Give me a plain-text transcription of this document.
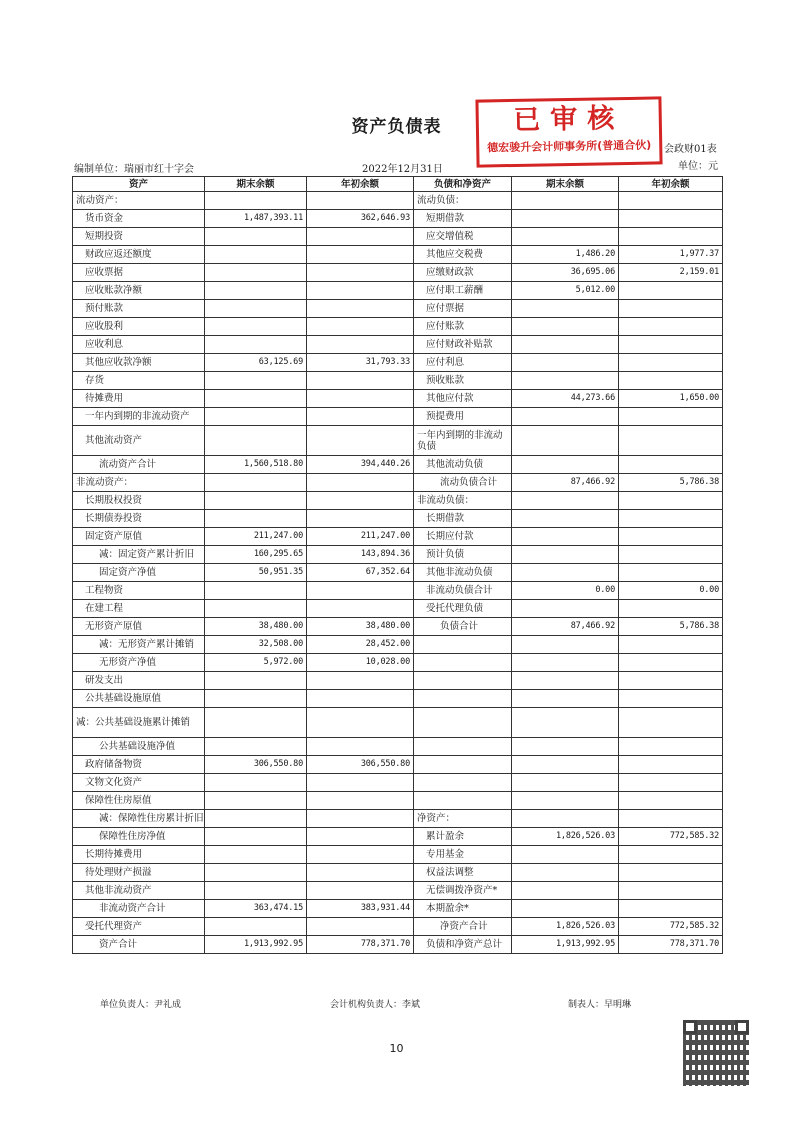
资产负债表	已审核
德宏骏升会计师事务所(普通合伙)	会政财01表
单位：元
编制单位：瑞丽市红十字会	2022年12月31日
资产	期末余额	年初余额	负债和净资产	期末余额	年初余额
流动资产：			流动负债：		
货币资金	1,487,393.11	362,646.93	短期借款		
短期投资			应交增值税		
财政应返还额度			其他应交税费	1,486.20	1,977.37
应收票据			应缴财政款	36,695.06	2,159.01
应收账款净额			应付职工薪酬	5,012.00	
预付账款			应付票据		
应收股利			应付账款		
应收利息			应付财政补贴款		
其他应收款净额	63,125.69	31,793.33	应付利息		
存货			预收账款		
待摊费用			其他应付款	44,273.66	1,650.00
一年内到期的非流动资产			预提费用		
其他流动资产			一年内到期的非流动负债		
流动资产合计	1,560,518.80	394,440.26	其他流动负债		
非流动资产：			流动负债合计	87,466.92	5,786.38
长期股权投资			非流动负债：		
长期债券投资			长期借款		
固定资产原值	211,247.00	211,247.00	长期应付款		
减：固定资产累计折旧	160,295.65	143,894.36	预计负债		
固定资产净值	50,951.35	67,352.64	其他非流动负债		
工程物资			非流动负债合计	0.00	0.00
在建工程			受托代理负债		
无形资产原值	38,480.00	38,480.00	负债合计	87,466.92	5,786.38
减：无形资产累计摊销	32,508.00	28,452.00			
无形资产净值	5,972.00	10,028.00			
研发支出					
公共基础设施原值					
减：公共基础设施累计摊销					
公共基础设施净值					
政府储备物资	306,550.80	306,550.80			
文物文化资产					
保障性住房原值					
减：保障性住房累计折旧			净资产：		
保障性住房净值			累计盈余	1,826,526.03	772,585.32
长期待摊费用			专用基金		
待处理财产损溢			权益法调整		
其他非流动资产			无偿调拨净资产*		
非流动资产合计	363,474.15	383,931.44	本期盈余*		
受托代理资产			净资产合计	1,826,526.03	772,585.32
资产合计	1,913,992.95	778,371.70	负债和净资产总计	1,913,992.95	778,371.70
单位负责人：尹礼成	会计机构负责人：李斌	制表人：早明琳
10
